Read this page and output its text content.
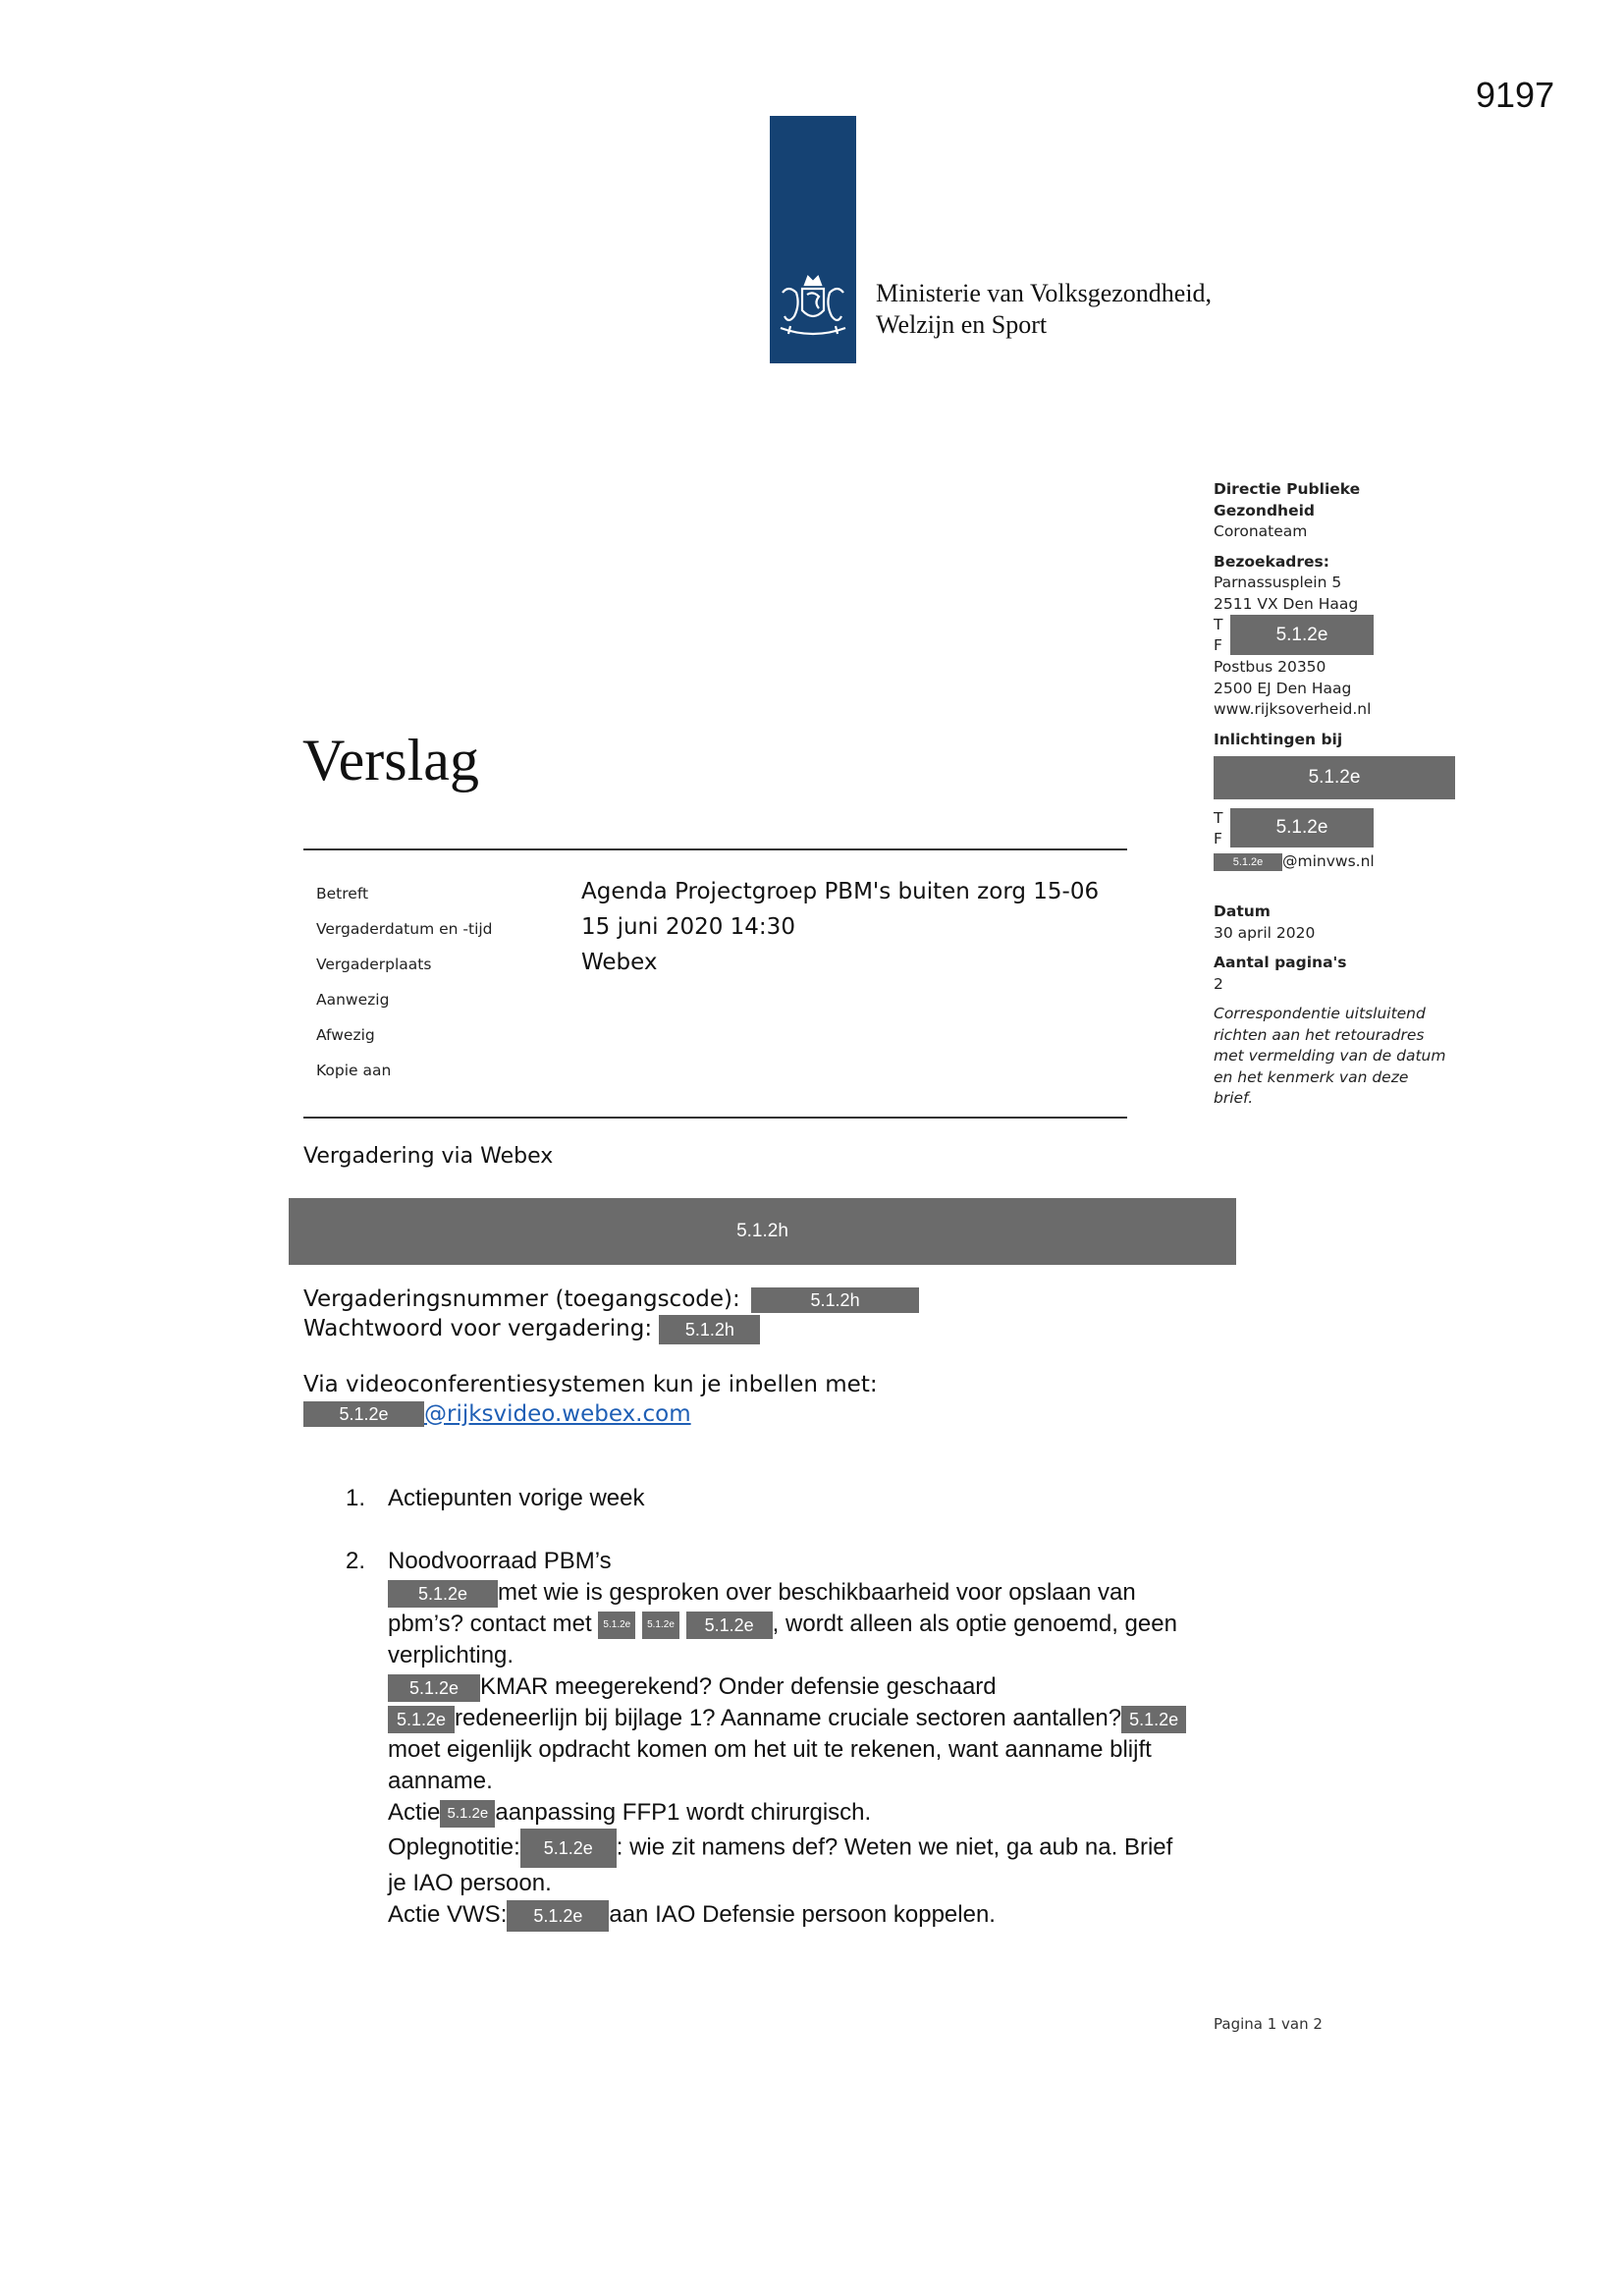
9197
Ministerie van Volksgezondheid,
Welzijn en Sport
Directie Publieke
Gezondheid
Coronateam
Bezoekadres:
Parnassusplein 5
2511 VX Den Haag
T
F	5.1.2e
Postbus 20350
2500 EJ Den Haag
www.rijksoverheid.nl
Inlichtingen bij
5.1.2e
T
F
5.1.2e
5.1.2e @minvws.nl
Datum
30 april 2020
Aantal pagina's
2
Correspondentie uitsluitend
richten aan het retouradres
met vermelding van de datum
en het kenmerk van deze
brief.
Verslag
Betreft
Vergaderdatum en -tijd
Vergaderplaats
Aanwezig
Afwezig
Kopie aan
Agenda Projectgroep PBM's buiten zorg 15-06
15 juni 2020 14:30
Webex
Vergadering via Webex
5.1.2h
Vergaderingsnummer (toegangscode):	5.1.2h
Wachtwoord voor vergadering: 5.1.2h
Via videoconferentiesystemen kun je inbellen met:
5.1.2e @rijksvideo.webex.com
1. Actiepunten vorige week
2. Noodvoorraad PBM’s
5.1.2e met wie is gesproken over beschikbaarheid voor opslaan van
pbm’s? contact met 5.1.2e 5.1.2e 5.1.2e , wordt alleen als optie genoemd, geen
verplichting.
5.1.2e KMAR meegerekend? Onder defensie geschaard
5.1.2e redeneerlijn bij bijlage 1? Aanname cruciale sectoren aantallen? 5.1.2e
moet eigenlijk opdracht komen om het uit te rekenen, want aanname blijft
aanname.
Actie 5.1.2e aanpassing FFP1 wordt chirurgisch.
Oplegnotitie: 5.1.2e : wie zit namens def? Weten we niet, ga aub na. Brief
je IAO persoon.
Actie VWS: 5.1.2e aan IAO Defensie persoon koppelen.
Pagina 1 van 2
